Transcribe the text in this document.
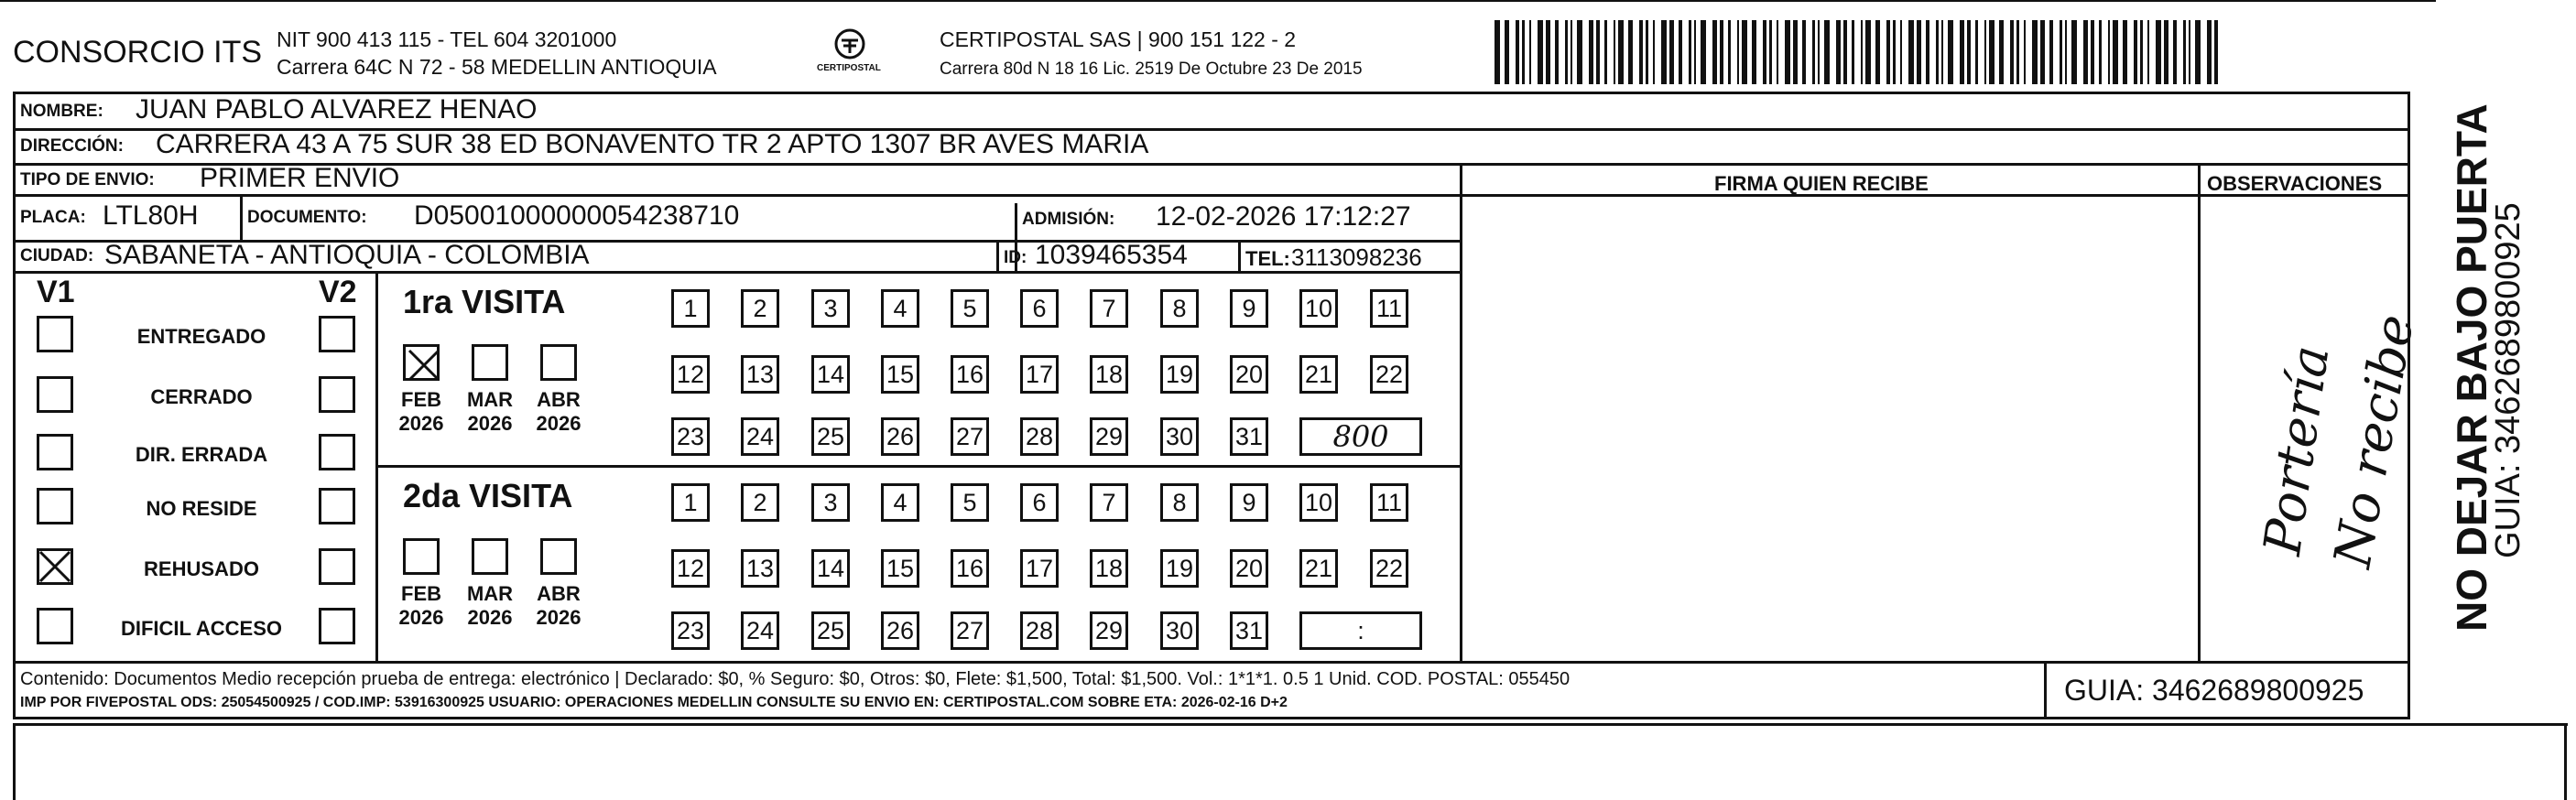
CONSORCIO ITS NIT 900 413 115 - TEL 604 3201000
Carrera 64C N 72 - 58 MEDELLIN ANTIOQUIA	CERTIPOSTAL
CERTIPOSTAL SAS | 900 151 122 - 2
Carrera 80d N 18 16 Lic. 2519 De Octubre 23 De 2015
NOMBRE: JUAN PABLO ALVAREZ HENAO
DIRECCIÓN: CARRERA 43 A 75 SUR 38 ED BONAVENTO TR 2 APTO 1307 BR AVES MARIA
TIPO DE ENVIO: PRIMER ENVIO
PLACA: LTL80H	DOCUMENTO: D05001000000054238710	ADMISIÓN: 12-02-2026 17:12:27
CIUDAD: SABANETA - ANTIOQUIA - COLOMBIA	ID: 1039465354	TEL: 3113098236
FIRMA QUIEN RECIBE	OBSERVACIONES
Portería
No recibe
V1	V2
ENTREGADO
CERRADO
DIR. ERRADA
NO RESIDE
REHUSADO
DIFICIL ACCESO
1ra VISITA
FEB
2026
MAR
2026
ABR
2026
1	2	3	4	5	6	7	8	9	10 11
12 13 14 15 16 17 18 19 20 21 22
23 24 25 26 27 28 29 30 31 800
2da VISITA
FEB
2026
MAR
2026
ABR
2026
1	2	3	4	5	6	7	8	9	10 11
12 13 14 15 16 17 18 19 20 21 22
23 24 25 26 27 28 29 30 31	:
Contenido: Documentos Medio recepción prueba de entrega: electrónico | Declarado: $0, % Seguro: $0, Otros: $0, Flete: $1,500, Total: $1,500. Vol.: 1*1*1. 0.5 1 Unid. COD. POSTAL: 055450
IMP POR FIVEPOSTAL ODS: 25054500925 / COD.IMP: 53916300925 USUARIO: OPERACIONES MEDELLIN CONSULTE SU ENVIO EN: CERTIPOSTAL.COM SOBRE ETA: 2026-02-16 D+2	GUIA: 3462689800925
NO DEJAR BAJO PUERTA
GUIA: 3462689800925
